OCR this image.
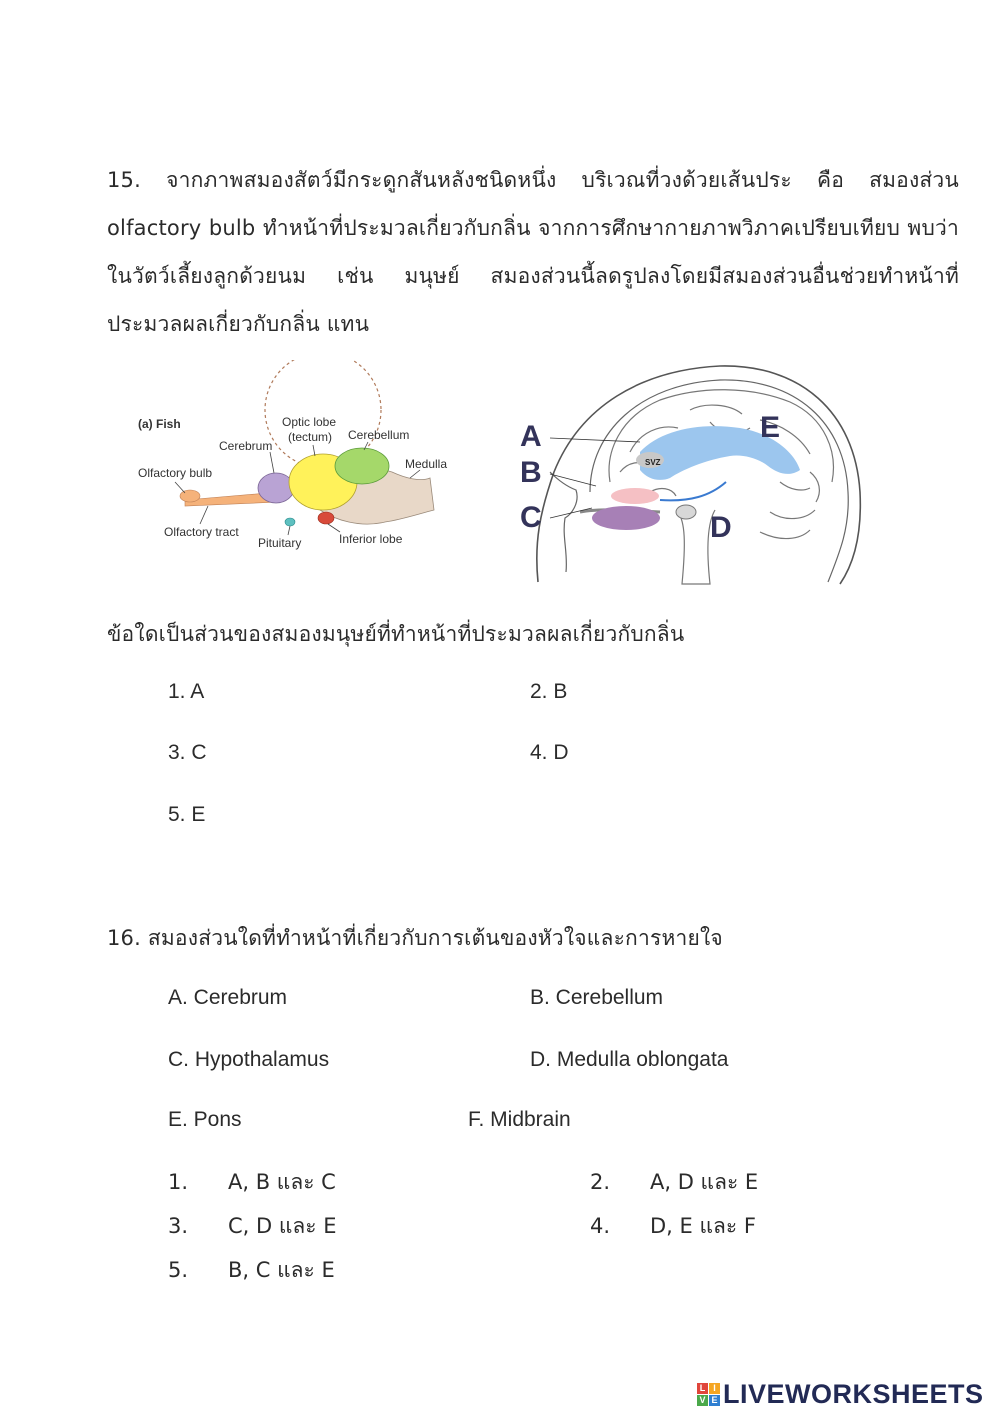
15. จากภาพสมองสัตว์มีกระดูกสันหลังชนิดหนึ่ง บริเวณที่วงด้วยเส้นประ คือ สมองส่วน olfactory bulb ทำหน้าที่ประมวลเกี่ยวกับกลิ่น จากการศึกษากายภาพวิภาคเปรียบเทียบ พบว่าในวัตว์เลี้ยงลูกด้วยนม เช่น มนุษย์ สมองส่วนนี้ลดรูปลงโดยมีสมองส่วนอื่นช่วยทำหน้าที่ประมวลผลเกี่ยวกับกลิ่น แทน
(a) Fish	Optic lobe
(tectum)
Cerebrum
Cerebellum
Olfactory bulb
Medulla
Olfactory tract	Inferior lobe
Pituitary
SVZ
A
B
C	D
E
ข้อใดเป็นส่วนของสมองมนุษย์ที่ทำหน้าที่ประมวลผลเกี่ยวกับกลิ่น
1. A	2. B
3. C	4. D
5. E
16. สมองส่วนใดที่ทำหน้าที่เกี่ยวกับการเต้นของหัวใจและการหายใจ
A. Cerebrum	B. Cerebellum
C. Hypothalamus	D. Medulla oblongata
E. Pons	F. Midbrain
1. A, B และ C	2. A, D และ E
3. C, D และ E	4. D, E และ F
5. B, C และ E
L I
V E LIVEWORKSHEETS
